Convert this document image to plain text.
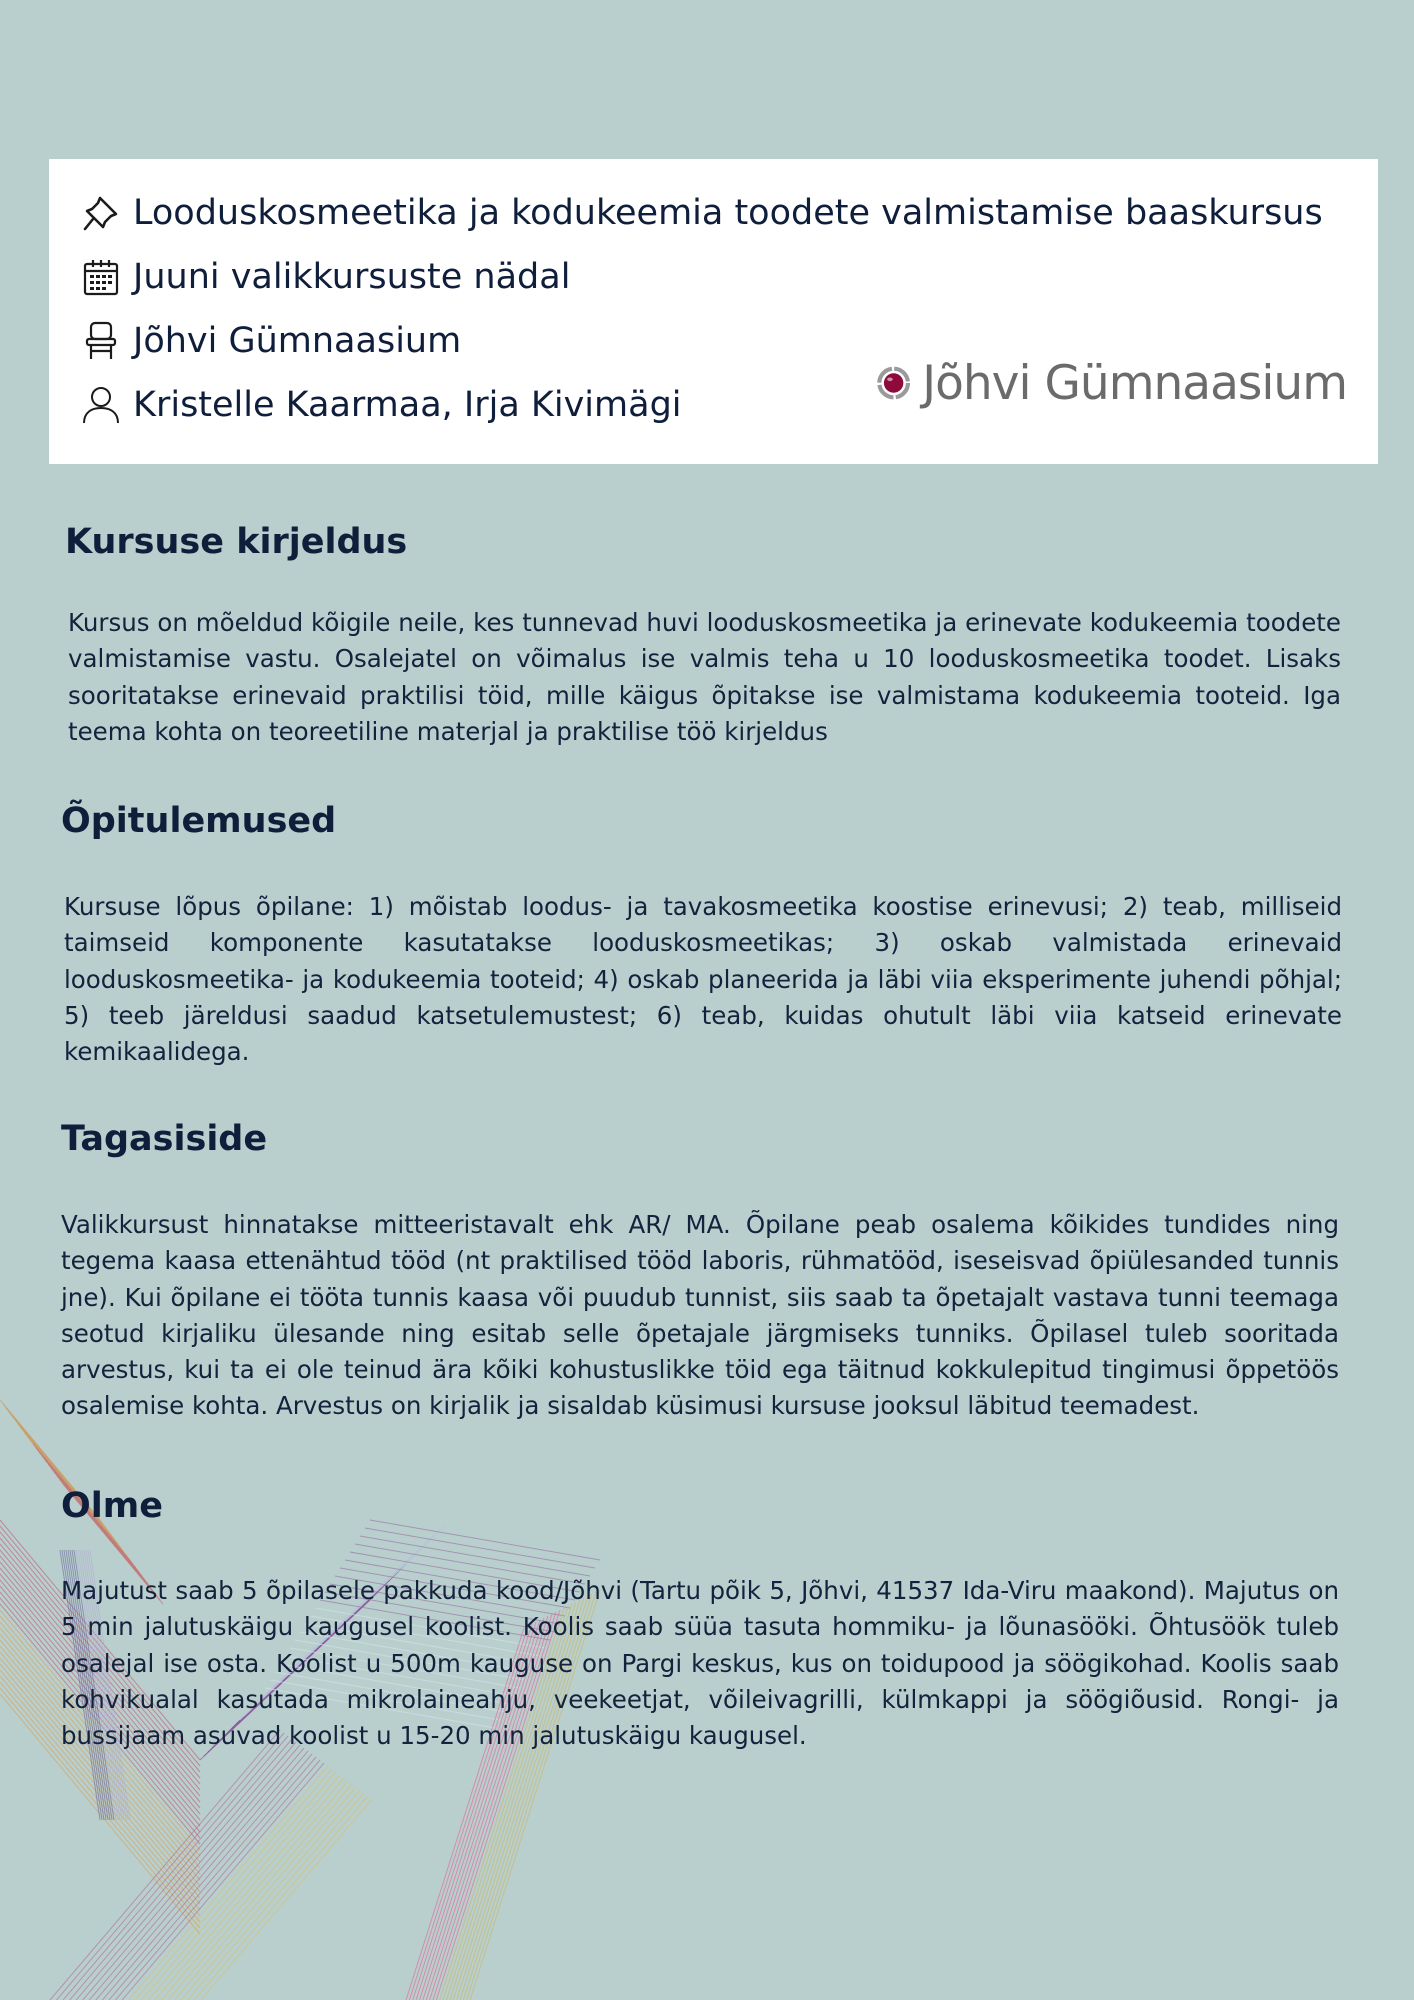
Looduskosmeetika ja kodukeemia toodete valmistamise baaskursus
Juuni valikkursuste nädal
Jõhvi Gümnaasium
Kristelle Kaarmaa, Irja Kivimägi	Jõhvi Gümnaasium
Kursuse kirjeldus

Kursus on mõeldud kõigile neile, kes tunnevad huvi looduskosmeetika ja erinevate kodukeemia toodete valmistamise vastu. Osalejatel on võimalus ise valmis teha u 10 looduskosmeetika toodet. Lisaks sooritatakse erinevaid praktilisi töid, mille käigus õpitakse ise valmistama kodukeemia tooteid. Iga teema kohta on teoreetiline materjal ja praktilise töö kirjeldus

Õpitulemused

Kursuse lõpus õpilane: 1) mõistab loodus- ja tavakosmeetika koostise erinevusi; 2) teab, milliseid taimseid komponente kasutatakse looduskosmeetikas; 3) oskab valmistada erinevaid looduskosmeetika- ja kodukeemia tooteid; 4) oskab planeerida ja läbi viia eksperimente juhendi põhjal; 5) teeb järeldusi saadud katsetulemustest; 6) teab, kuidas ohutult läbi viia katseid erinevate kemikaalidega.

Tagasiside

Valikkursust hinnatakse mitteeristavalt ehk AR/ MA. Õpilane peab osalema kõikides tundides ning tegema kaasa ettenähtud tööd (nt praktilised tööd laboris, rühmatööd, iseseisvad õpiülesanded tunnis jne). Kui õpilane ei tööta tunnis kaasa või puudub tunnist, siis saab ta õpetajalt vastava tunni teemaga seotud kirjaliku ülesande ning esitab selle õpetajale järgmiseks tunniks. Õpilasel tuleb sooritada arvestus, kui ta ei ole teinud ära kõiki kohustuslikke töid ega täitnud kokkulepitud tingimusi õppetöös osalemise kohta. Arvestus on kirjalik ja sisaldab küsimusi kursuse jooksul läbitud teemadest.

Olme

Majutust saab 5 õpilasele pakkuda kood/Jõhvi (Tartu põik 5, Jõhvi, 41537 Ida-Viru maakond). Majutus on 5 min jalutuskäigu kaugusel koolist. Koolis saab süüa tasuta hommiku- ja lõunasööki. Õhtusöök tuleb osalejal ise osta. Koolist u 500m kauguse on Pargi keskus, kus on toidupood ja söögikohad. Koolis saab kohvikualal kasutada mikrolaineahju, veekeetjat, võileivagrilli, külmkappi ja söögiõusid. Rongi- ja bussijaam asuvad koolist u 15-20 min jalutuskäigu kaugusel.
